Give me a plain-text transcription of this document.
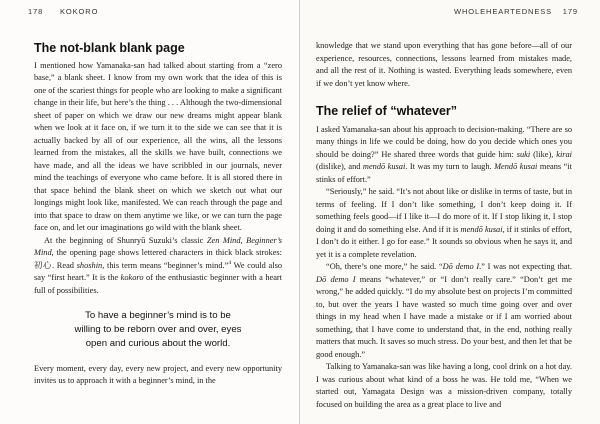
178 KOKORO
The not-blank blank page

I mentioned how Yamanaka-san had talked about starting from a “zero base,” a blank sheet. I know from my own work that the idea of this is one of the scariest things for people who are looking to make a significant change in their life, but here’s the thing . . . Although the two-dimensional sheet of paper on which we draw our new dreams might appear blank when we look at it face on, if we turn it to the side we can see that it is actually backed by all of our experience, all the wins, all the lessons learned from the mistakes, all the skills we have built, connections we have made, and all the ideas we have scribbled in our journals, never mind the teachings of everyone who came before. It is all stored there in that space behind the blank sheet on which we sketch out what our longings might look like, manifested. We can reach through the page and into that space to draw on them anytime we like, or we can turn the page face on, and let our imaginations go wild with the blank sheet.

At the beginning of Shunryū Suzuki’s classic Zen Mind, Beginner’s Mind, the opening page shows lettered characters in thick black strokes: 初心. Read shoshin, this term means “beginner’s mind.”$^4$ We could also say “first heart.” It is the kokoro of the enthusiastic beginner with a heart full of possibilities.

To have a beginner’s mind is to be willing to be reborn over and over, eyes open and curious about the world.

Every moment, every day, every new project, and every new opportunity invites us to approach it with a beginner’s mind, in the

WHOLEHEARTEDNESS 179

knowledge that we stand upon everything that has gone before—all of our experience, resources, connections, lessons learned from mistakes made, and all the rest of it. Nothing is wasted. Everything leads somewhere, even if we don’t yet know where.

The relief of “whatever”

I asked Yamanaka-san about his approach to decision-making. “There are so many things in life we could be doing, how do you decide which ones you should be doing?” He shared three words that guide him: suki (like), kirai (dislike), and mendō kusai. It was my turn to laugh. Mendō kusai means “it stinks of effort.”

“Seriously,” he said. “It’s not about like or dislike in terms of taste, but in terms of feeling. If I don’t like something, I don’t keep doing it. If something feels good—if I like it—I do more of it. If I stop liking it, I stop doing it and do something else. And if it is mendō kusai, if it stinks of effort, I don’t do it either. I go for ease.” It sounds so obvious when he says it, and yet it is a complete revelation.

“Oh, there’s one more,” he said. “Dō demo I.” I was not expecting that. Dō demo I means “whatever,” or “I don’t really care.” “Don’t get me wrong,” he added quickly. “I do my absolute best on projects I’m committed to, but over the years I have wasted so much time going over and over things in my head when I have made a mistake or if I am worried about something, that I have come to understand that, in the end, nothing really matters that much. It saves so much stress. Do your best, and then let that be good enough.”

Talking to Yamanaka-san was like having a long, cool drink on a hot day. I was curious about what kind of a boss he was. He told me, “When we started out, Yamagata Design was a mission-driven company, totally focused on building the area as a great place to live and
